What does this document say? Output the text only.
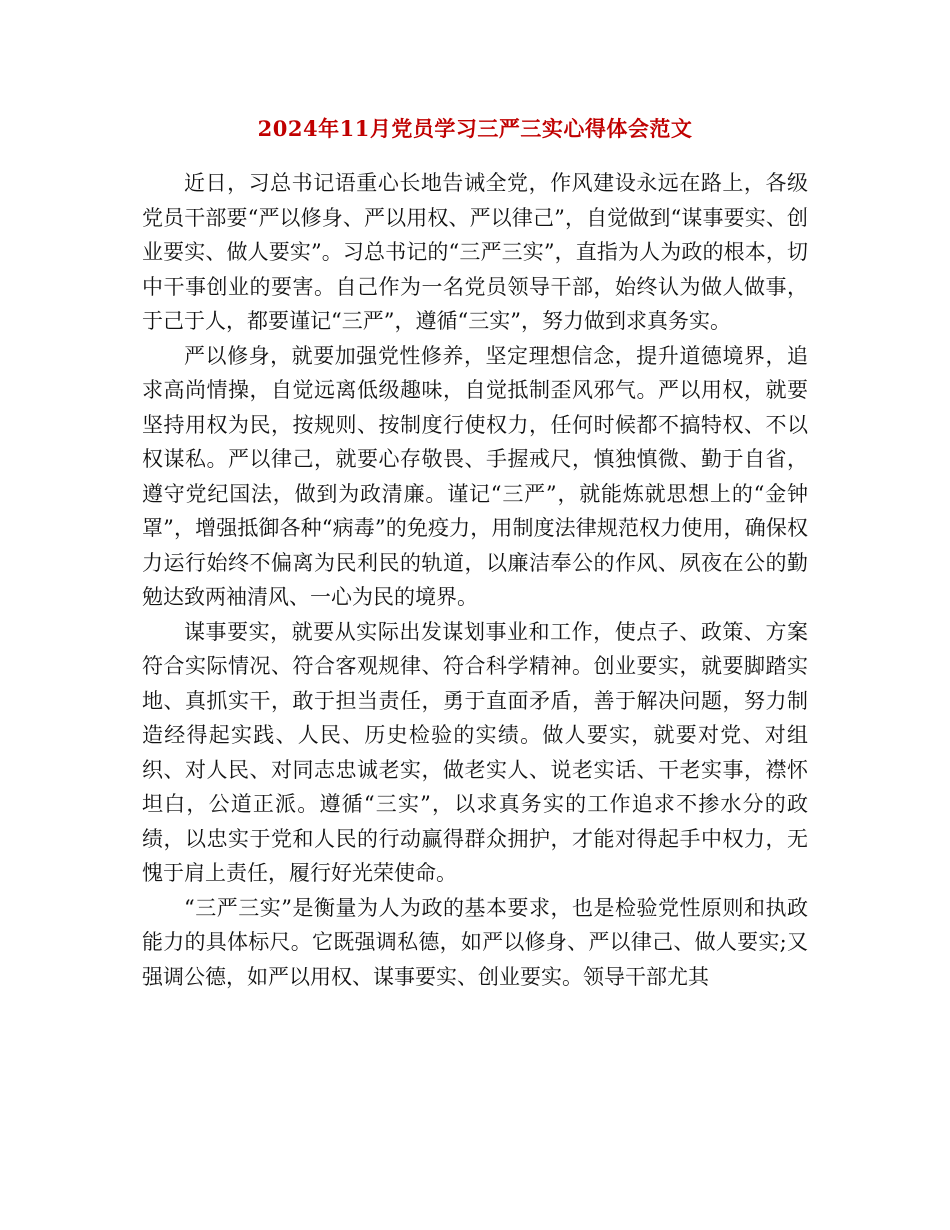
2024年11月党员学习三严三实心得体会范文

近日，习总书记语重心长地告诫全党，作风建设永远在路上，各级党员干部要“严以修身、严以用权、严以律己”，自觉做到“谋事要实、创业要实、做人要实”。习总书记的“三严三实”，直指为人为政的根本，切中干事创业的要害。自己作为一名党员领导干部，始终认为做人做事，于己于人，都要谨记“三严”，遵循“三实”，努力做到求真务实。

严以修身，就要加强党性修养，坚定理想信念，提升道德境界，追求高尚情操，自觉远离低级趣味，自觉抵制歪风邪气。严以用权，就要坚持用权为民，按规则、按制度行使权力，任何时候都不搞特权、不以权谋私。严以律己，就要心存敬畏、手握戒尺，慎独慎微、勤于自省，遵守党纪国法，做到为政清廉。谨记“三严”，就能炼就思想上的“金钟罩”，增强抵御各种“病毒”的免疫力，用制度法律规范权力使用，确保权力运行始终不偏离为民利民的轨道，以廉洁奉公的作风、夙夜在公的勤勉达致两袖清风、一心为民的境界。

谋事要实，就要从实际出发谋划事业和工作，使点子、政策、方案符合实际情况、符合客观规律、符合科学精神。创业要实，就要脚踏实地、真抓实干，敢于担当责任，勇于直面矛盾，善于解决问题，努力制造经得起实践、人民、历史检验的实绩。做人要实，就要对党、对组织、对人民、对同志忠诚老实，做老实人、说老实话、干老实事，襟怀坦白，公道正派。遵循“三实”，以求真务实的工作追求不掺水分的政绩，以忠实于党和人民的行动赢得群众拥护，才能对得起手中权力，无愧于肩上责任，履行好光荣使命。

“三严三实”是衡量为人为政的基本要求，也是检验党性原则和执政能力的具体标尺。它既强调私德，如严以修身、严以律己、做人要实;又强调公德，如严以用权、谋事要实、创业要实。领导干部尤其
